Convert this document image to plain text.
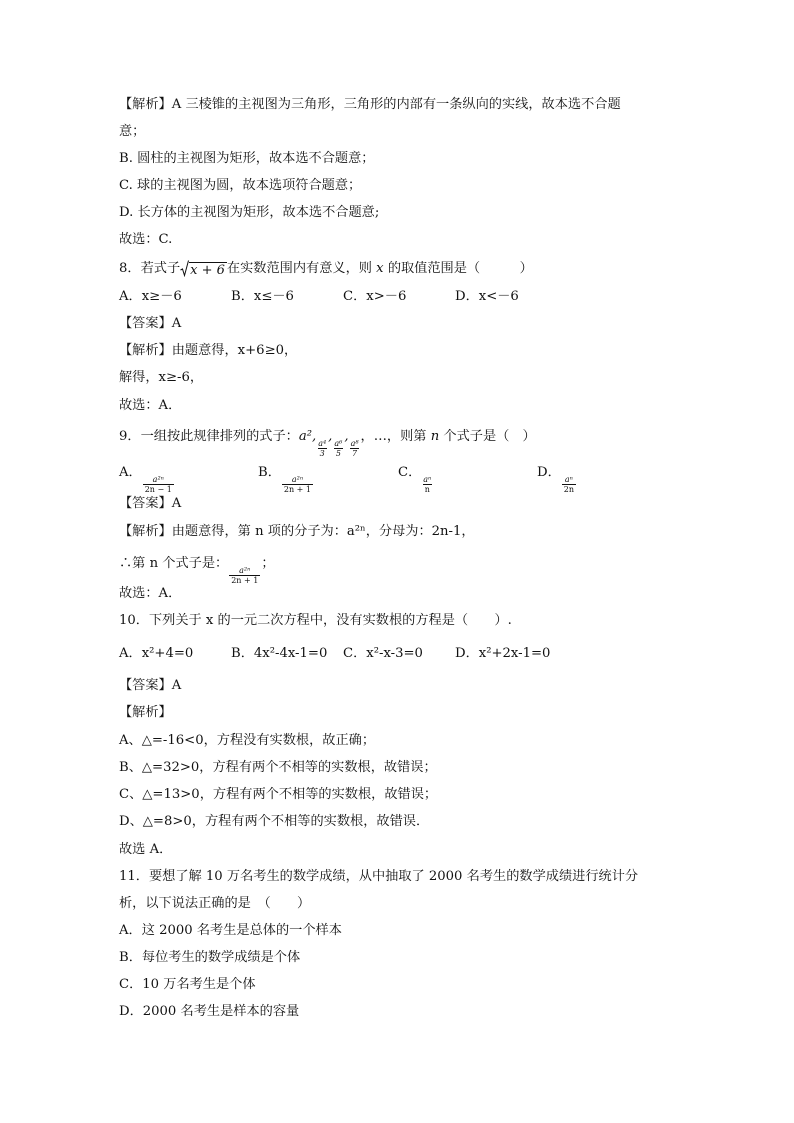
【解析】A 三棱锥的主视图为三角形，三角形的内部有一条纵向的实线，故本选不合题
意；
B. 圆柱的主视图为矩形，故本选不合题意；
C. 球的主视图为圆，故本选项符合题意；
D. 长方体的主视图为矩形，故本选不合题意;
故选：C.
8．若式子 x + 6 在实数范围内有意义，则 x 的取值范围是（　　　）
A．x≥－6	B．x≤－6	C．x>－6	D．x<－6
【答案】A
【解析】由题意得，x+6≥0，
解得，x≥-6，
故选：A．
9．一组按此规律排列的式子：a²,
$\frac{\text{a⁴}}{3}$
,
$\frac{\text{a⁶}}{5}$
,
$\frac{\text{a⁸}}{7}$
，…，则第 n 个式子是（　）
A．
$\frac{\text{a²ⁿ}}{2n - 1}$
B．
$\frac{\text{a²ⁿ}}{2n + 1}$
C．
$\frac{\text{aⁿ}}{n}$
D．
$\frac{\text{aⁿ}}{2n}$
【答案】A
【解析】由题意得，第 n 项的分子为：a²ⁿ，分母为：2n-1，
∴第 n 个式子是：
$\frac{\text{a²ⁿ}}{2n + 1}$
；
故选：A．
10．下列关于 x 的一元二次方程中，没有实数根的方程是（　　）.
A．x²+4=0	B．4x²-4x-1=0 C．x²-x-3=0 D．x²+2x-1=0
【答案】A
【解析】
A、△=-16<0，方程没有实数根，故正确；
B、△=32>0，方程有两个不相等的实数根，故错误；
C、△=13>0，方程有两个不相等的实数根，故错误；
D、△=8>0，方程有两个不相等的实数根，故错误．
故选 A．
11．要想了解 10 万名考生的数学成绩，从中抽取了 2000 名考生的数学成绩进行统计分
析，以下说法正确的是　（　　）
A．这 2000 名考生是总体的一个样本
B．每位考生的数学成绩是个体
C．10 万名考生是个体
D．2000 名考生是样本的容量
